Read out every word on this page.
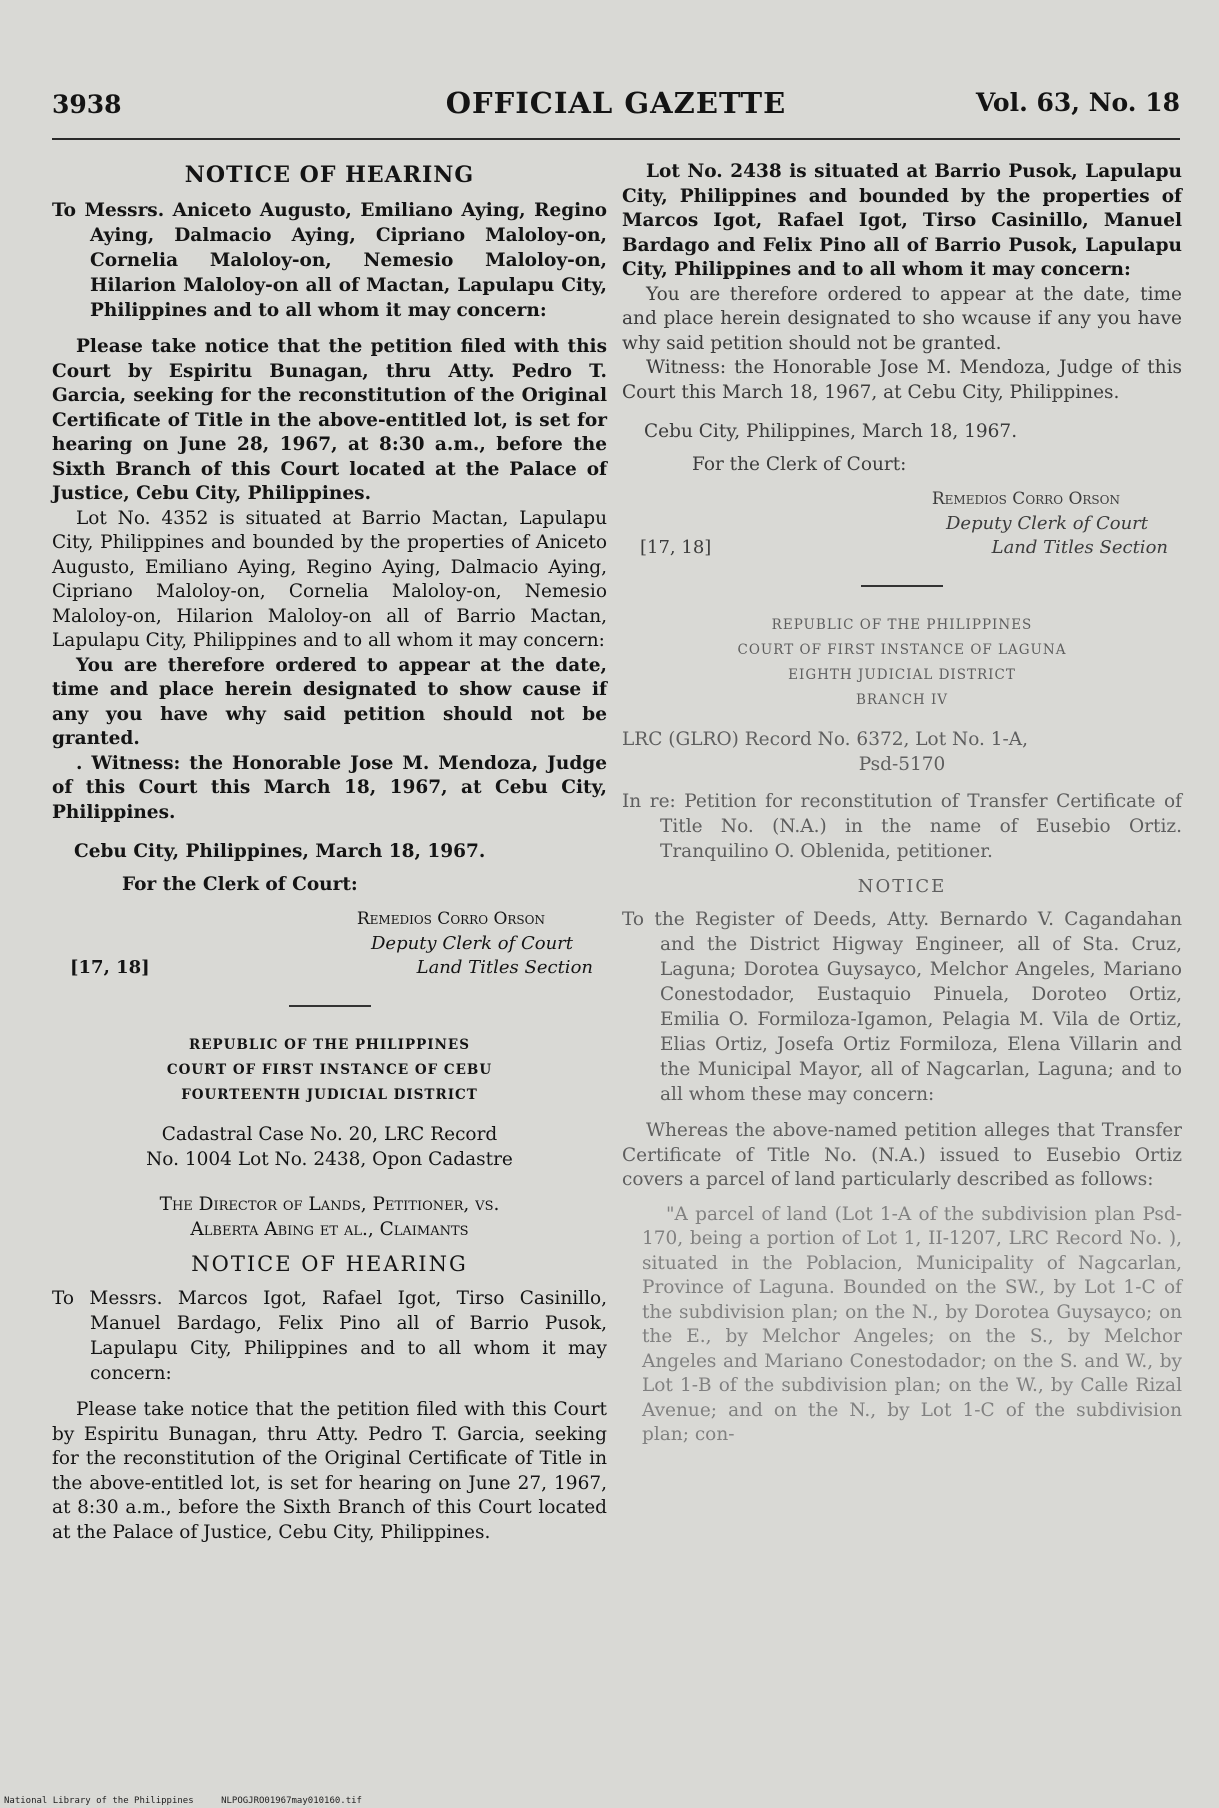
3938	OFFICIAL GAZETTE	Vol. 63, No. 18
NOTICE OF HEARING

To Messrs. Aniceto Augusto, Emiliano Aying, Regino Aying, Dalmacio Aying, Cipriano Maloloy-on, Cornelia Maloloy-on, Nemesio Maloloy-on, Hilarion Maloloy-on all of Mactan, Lapulapu City, Philippines and to all whom it may concern:

Please take notice that the petition filed with this Court by Espiritu Bunagan, thru Atty. Pedro T. Garcia, seeking for the reconstitution of the Original Certificate of Title in the above-entitled lot, is set for hearing on June 28, 1967, at 8:30 a.m., before the Sixth Branch of this Court located at the Palace of Justice, Cebu City, Philippines.

Lot No. 4352 is situated at Barrio Mactan, Lapulapu City, Philippines and bounded by the properties of Aniceto Augusto, Emiliano Aying, Regino Aying, Dalmacio Aying, Cipriano Maloloy-on, Cornelia Maloloy-on, Nemesio Maloloy-on, Hilarion Maloloy-on all of Barrio Mactan, Lapulapu City, Philippines and to all whom it may concern:

You are therefore ordered to appear at the date, time and place herein designated to show cause if any you have why said petition should not be granted.

. Witness: the Honorable Jose M. Mendoza, Judge of this Court this March 18, 1967, at Cebu City, Philippines.

Cebu City, Philippines, March 18, 1967.

For the Clerk of Court:

Remedios Corro Orson
Deputy Clerk of Court
[17, 18]	Land Titles Section
REPUBLIC OF THE PHILIPPINES
COURT OF FIRST INSTANCE OF CEBU
FOURTEENTH JUDICIAL DISTRICT
Cadastral Case No. 20, LRC Record
No. 1004 Lot No. 2438, Opon Cadastre
The Director of Lands, Petitioner, vs.
Alberta Abing et al., Claimants
NOTICE OF HEARING

To Messrs. Marcos Igot, Rafael Igot, Tirso Casinillo, Manuel Bardago, Felix Pino all of Barrio Pusok, Lapulapu City, Philippines and to all whom it may concern:

Please take notice that the petition filed with this Court by Espiritu Bunagan, thru Atty. Pedro T. Garcia, seeking for the reconstitution of the Original Certificate of Title in the above-entitled lot, is set for hearing on June 27, 1967, at 8:30 a.m., before the Sixth Branch of this Court located at the Palace of Justice, Cebu City, Philippines.

Lot No. 2438 is situated at Barrio Pusok, Lapulapu City, Philippines and bounded by the properties of Marcos Igot, Rafael Igot, Tirso Casinillo, Manuel Bardago and Felix Pino all of Barrio Pusok, Lapulapu City, Philippines and to all whom it may concern:

You are therefore ordered to appear at the date, time and place herein designated to sho wcause if any you have why said petition should not be granted.

Witness: the Honorable Jose M. Mendoza, Judge of this Court this March 18, 1967, at Cebu City, Philippines.

Cebu City, Philippines, March 18, 1967.

For the Clerk of Court:

Remedios Corro Orson
Deputy Clerk of Court
[17, 18]	Land Titles Section
REPUBLIC OF THE PHILIPPINES
COURT OF FIRST INSTANCE OF LAGUNA
EIGHTH JUDICIAL DISTRICT
BRANCH IV
LRC (GLRO) Record No. 6372, Lot No. 1-A,
Psd-5170

In re: Petition for reconstitution of Transfer Certificate of Title No. (N.A.) in the name of Eusebio Ortiz. Tranquilino O. Oblenida, petitioner.

NOTICE

To the Register of Deeds, Atty. Bernardo V. Cagandahan and the District Higway Engineer, all of Sta. Cruz, Laguna; Dorotea Guysayco, Melchor Angeles, Mariano Conestodador, Eustaquio Pinuela, Doroteo Ortiz, Emilia O. Formiloza-Igamon, Pelagia M. Vila de Ortiz, Elias Ortiz, Josefa Ortiz Formiloza, Elena Villarin and the Municipal Mayor, all of Nagcarlan, Laguna; and to all whom these may concern:

Whereas the above-named petition alleges that Transfer Certificate of Title No. (N.A.) issued to Eusebio Ortiz covers a parcel of land particularly described as follows:

"A parcel of land (Lot 1-A of the subdivision plan Psd-170, being a portion of Lot 1, II-1207, LRC Record No. ), situated in the Poblacion, Municipality of Nagcarlan, Province of Laguna. Bounded on the SW., by Lot 1-C of the subdivision plan; on the N., by Dorotea Guysayco; on the E., by Melchor Angeles; on the S., by Melchor Angeles and Mariano Conestodador; on the S. and W., by Lot 1-B of the subdivision plan; on the W., by Calle Rizal Avenue; and on the N., by Lot 1-C of the subdivision plan; con-

National Library of the Philippines	NLPOGJRO01967may010160.tif
